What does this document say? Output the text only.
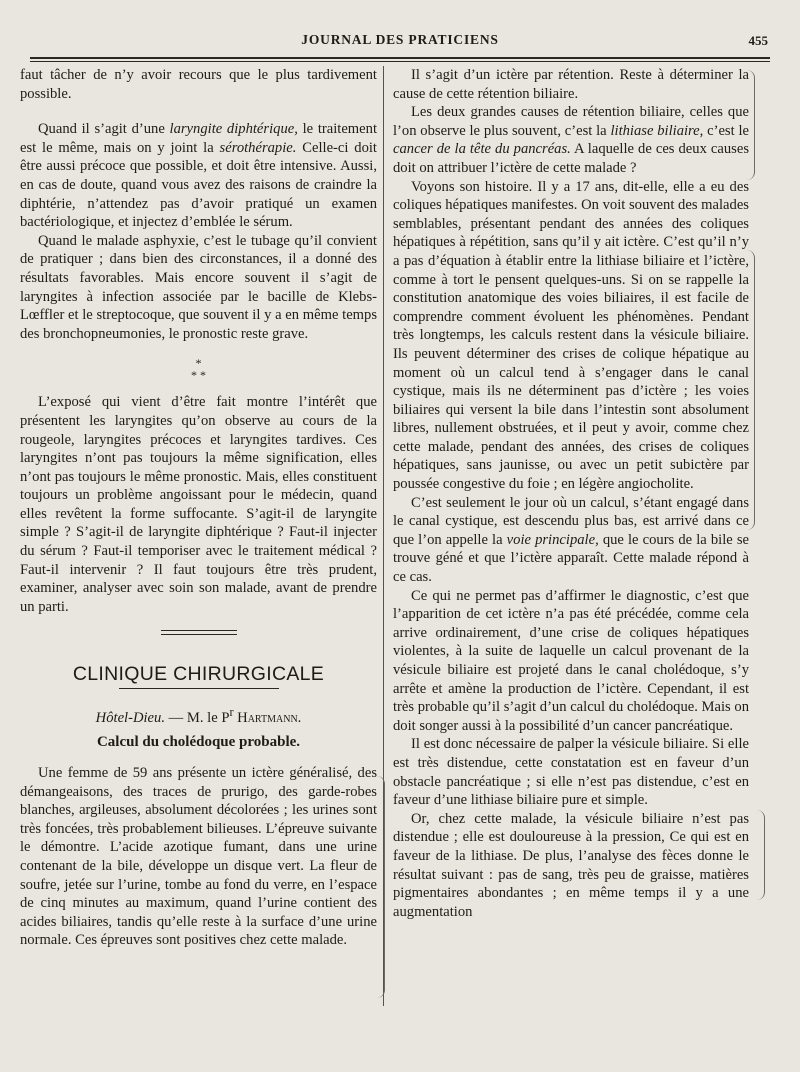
JOURNAL DES PRATICIENS	455

faut tâcher de n’y avoir recours que le plus tardivement possible.

Quand il s’agit d’une laryngite diphtérique, le traitement est le même, mais on y joint la sérothérapie. Celle-ci doit être aussi précoce que possible, et doit être intensive. Aussi, en cas de doute, quand vous avez des raisons de craindre la diphtérie, n’attendez pas d’avoir pratiqué un examen bactériologique, et injectez d’emblée le sérum.

Quand le malade asphyxie, c’est le tubage qu’il convient de pratiquer ; dans bien des circonstances, il a donné des résultats favorables. Mais encore souvent il s’agit de laryngites à infection associée par le bacille de Klebs-Lœffler et le streptocoque, que souvent il y a en même temps des bronchopneumonies, le pronostic reste grave.

*
* *

L’exposé qui vient d’être fait montre l’intérêt que présentent les laryngites qu’on observe au cours de la rougeole, laryngites précoces et laryngites tardives. Ces laryngites n’ont pas toujours la même signification, elles n’ont pas toujours le même pronostic. Mais, elles constituent toujours un problème angoissant pour le médecin, quand elles revêtent la forme suffocante. S’agit-il de laryngite simple ? S’agit-il de laryngite diphtérique ? Faut-il injecter du sérum ? Faut-il temporiser avec le traitement médical ? Faut-il intervenir ? Il faut toujours être très prudent, examiner, analyser avec soin son malade, avant de prendre un parti.

CLINIQUE CHIRURGICALE
Hôtel-Dieu. — M. le $P^r$ Hartmann.
Calcul du cholédoque probable.

Une femme de 59 ans présente un ictère généralisé, des démangeaisons, des traces de prurigo, des garde-robes blanches, argileuses, absolument décolorées ; les urines sont très foncées, très probablement bilieuses. L’épreuve suivante le démontre. L’acide azotique fumant, dans une urine contenant de la bile, développe un disque vert. La fleur de soufre, jetée sur l’urine, tombe au fond du verre, en l’espace de cinq minutes au maximum, quand l’urine contient des acides biliaires, tandis qu’elle reste à la surface d’une urine normale. Ces épreuves sont positives chez cette malade.

Il s’agit d’un ictère par rétention. Reste à déterminer la cause de cette rétention biliaire.

Les deux grandes causes de rétention biliaire, celles que l’on observe le plus souvent, c’est la lithiase biliaire, c’est le cancer de la tête du pancréas. A laquelle de ces deux causes doit on attribuer l’ictère de cette malade ?

Voyons son histoire. Il y a 17 ans, dit-elle, elle a eu des coliques hépatiques manifestes. On voit souvent des malades semblables, présentant pendant des années des coliques hépatiques à répétition, sans qu’il y ait ictère. C’est qu’il n’y a pas d’équation à établir entre la lithiase biliaire et l’ictère, comme à tort le pensent quelques-uns. Si on se rappelle la constitution anatomique des voies biliaires, il est facile de comprendre comment évoluent les phénomènes. Pendant très longtemps, les calculs restent dans la vésicule biliaire. Ils peuvent déterminer des crises de colique hépatique au moment où un calcul tend à s’engager dans le canal cystique, mais ils ne déterminent pas d’ictère ; les voies biliaires qui versent la bile dans l’intestin sont absolument libres, nullement obstruées, et il peut y avoir, comme chez cette malade, pendant des années, des crises de coliques hépatiques, sans jaunisse, ou avec un petit subictère par poussée congestive du foie ; en légère angiocholite.

C’est seulement le jour où un calcul, s’étant engagé dans le canal cystique, est descendu plus bas, est arrivé dans ce que l’on appelle la voie principale, que le cours de la bile se trouve géné et que l’ictère apparaît. Cette malade répond à ce cas.

Ce qui ne permet pas d’affirmer le diagnostic, c’est que l’apparition de cet ictère n’a pas été précédée, comme cela arrive ordinairement, d’une crise de coliques hépatiques violentes, à la suite de laquelle un calcul provenant de la vésicule biliaire est projeté dans le canal cholédoque, s’y arrête et amène la production de l’ictère. Cependant, il est très probable qu’il s’agit d’un calcul du cholédoque. Mais on doit songer aussi à la possibilité d’un cancer pancréatique.

Il est donc nécessaire de palper la vésicule biliaire. Si elle est très distendue, cette constatation est en faveur d’un obstacle pancréatique ; si elle n’est pas distendue, c’est en faveur d’une lithiase biliaire pure et simple.

Or, chez cette malade, la vésicule biliaire n’est pas distendue ; elle est douloureuse à la pression, Ce qui est en faveur de la lithiase. De plus, l’analyse des fèces donne le résultat suivant : pas de sang, très peu de graisse, matières pigmentaires abondantes ; en même temps il y a une augmentation
